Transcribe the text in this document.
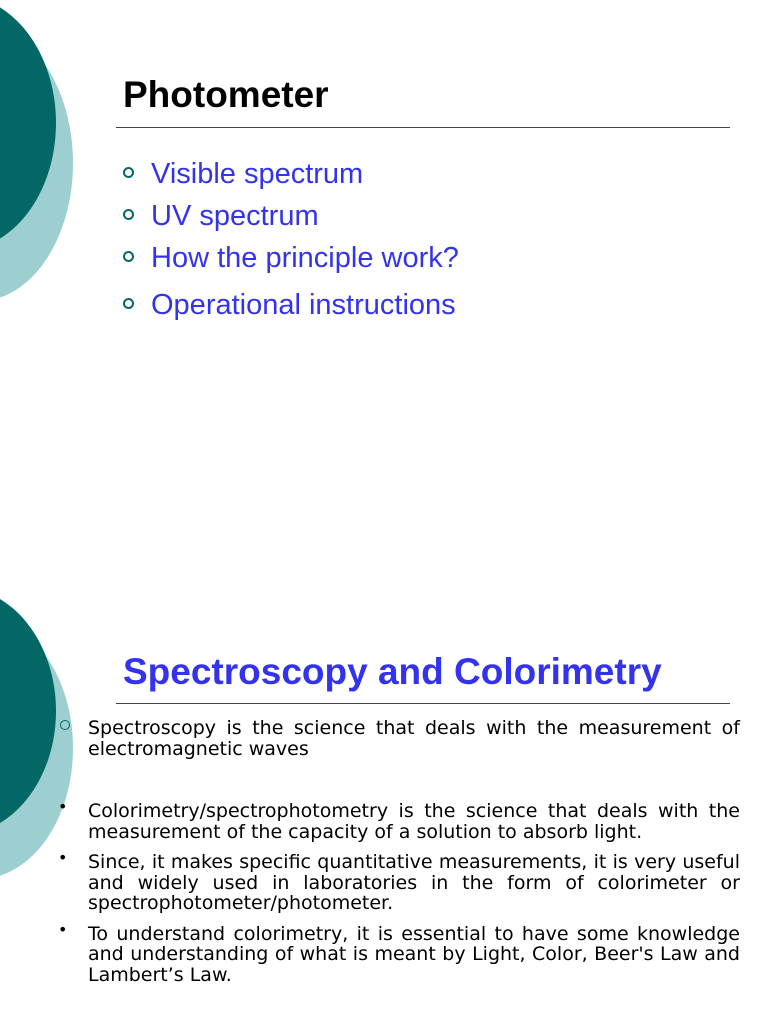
Photometer
Visible spectrum
UV spectrum
How the principle work?
Operational instructions
Spectroscopy and Colorimetry
Spectroscopy is the science that deals with the measurement of electromagnetic waves
• Colorimetry/spectrophotometry is the science that deals with the measurement of the capacity of a solution to absorb light.
• Since, it makes specific quantitative measurements, it is very useful and widely used in laboratories in the form of colorimeter or spectrophotometer/photometer.
• To understand colorimetry, it is essential to have some knowledge and understanding of what is meant by Light, Color, Beer's Law and Lambert’s Law.
